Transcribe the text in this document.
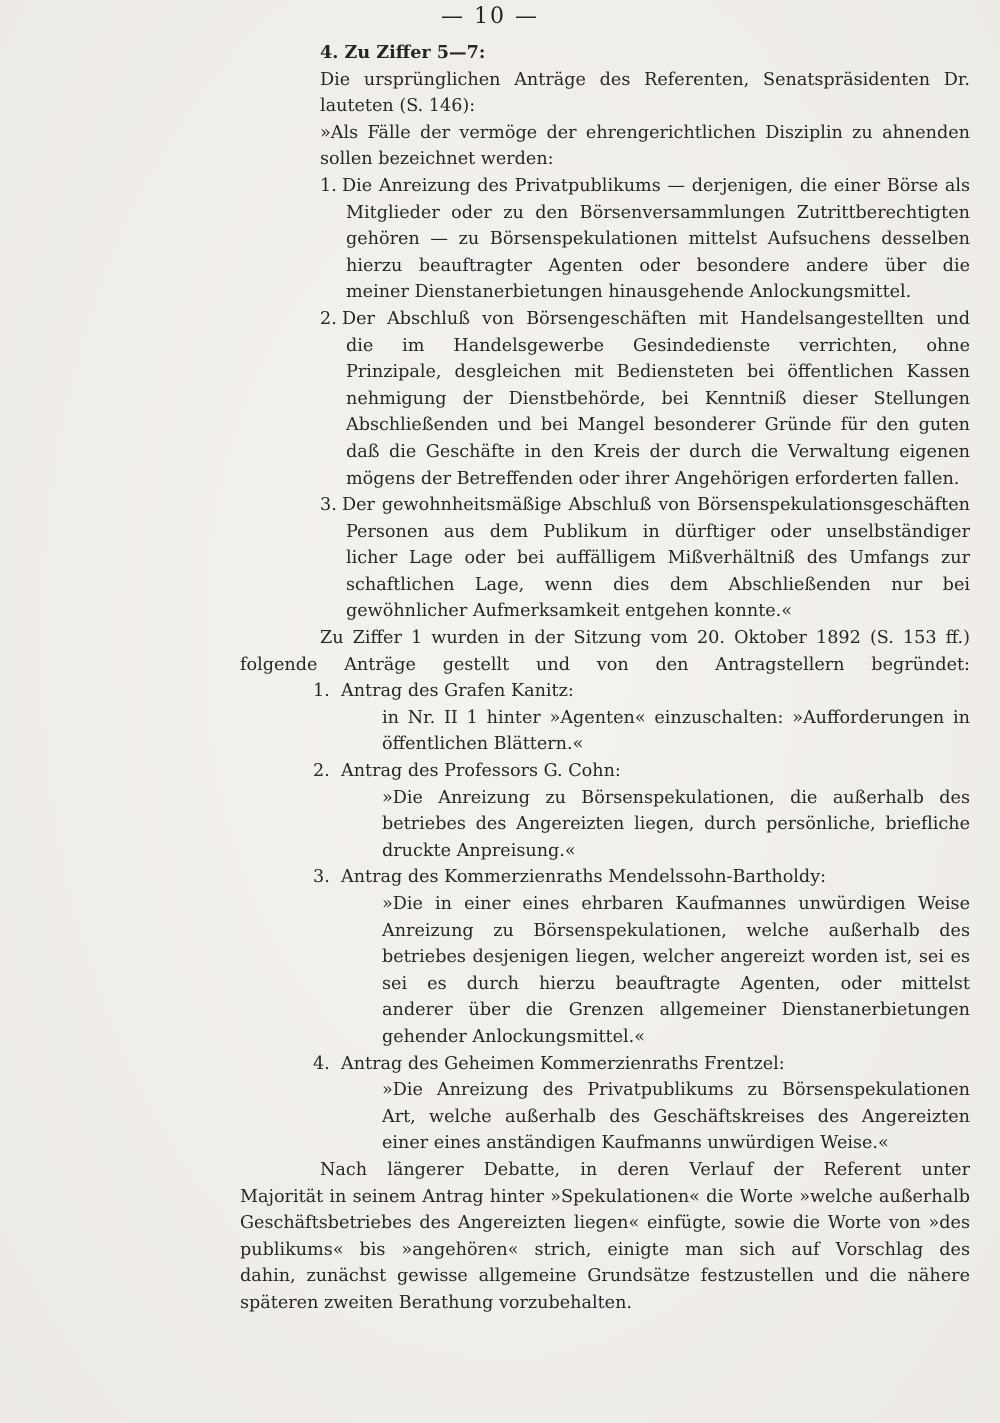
— 10 —
4. Zu Ziffer 5—7:
Die ursprünglichen Anträge des Referenten, Senatspräsidenten Dr.
lauteten (S. 146):
»Als Fälle der vermöge der ehrengerichtlichen Disziplin zu ahnenden
sollen bezeichnet werden:
1. Die Anreizung des Privatpublikums — derjenigen, die einer Börse als
Mitglieder oder zu den Börsenversammlungen Zutrittberechtigten
gehören — zu Börsenspekulationen mittelst Aufsuchens desselben
hierzu beauftragter Agenten oder besondere andere über die
meiner Dienstanerbietungen hinausgehende Anlockungsmittel.
2. Der Abschluß von Börsengeschäften mit Handelsangestellten und
die im Handelsgewerbe Gesindedienste verrichten, ohne
Prinzipale, desgleichen mit Bediensteten bei öffentlichen Kassen
nehmigung der Dienstbehörde, bei Kenntniß dieser Stellungen
Abschließenden und bei Mangel besonderer Gründe für den guten
daß die Geschäfte in den Kreis der durch die Verwaltung eigenen
mögens der Betreffenden oder ihrer Angehörigen erforderten fallen.
3. Der gewohnheitsmäßige Abschluß von Börsenspekulationsgeschäften
Personen aus dem Publikum in dürftiger oder unselbständiger
licher Lage oder bei auffälligem Mißverhältniß des Umfangs zur
schaftlichen Lage, wenn dies dem Abschließenden nur bei
gewöhnlicher Aufmerksamkeit entgehen konnte.«
Zu Ziffer 1 wurden in der Sitzung vom 20. Oktober 1892 (S. 153 ff.)
folgende Anträge gestellt und von den Antragstellern begründet:
1. Antrag des Grafen Kanitz:
in Nr. II 1 hinter »Agenten« einzuschalten: »Aufforderungen in
öffentlichen Blättern.«
2. Antrag des Professors G. Cohn:
»Die Anreizung zu Börsenspekulationen, die außerhalb des
betriebes des Angereizten liegen, durch persönliche, briefliche
druckte Anpreisung.«
3. Antrag des Kommerzienraths Mendelssohn-Bartholdy:
»Die in einer eines ehrbaren Kaufmannes unwürdigen Weise
Anreizung zu Börsenspekulationen, welche außerhalb des
betriebes desjenigen liegen, welcher angereizt worden ist, sei es
sei es durch hierzu beauftragte Agenten, oder mittelst
anderer über die Grenzen allgemeiner Dienstanerbietungen
gehender Anlockungsmittel.«
4. Antrag des Geheimen Kommerzienraths Frentzel:
»Die Anreizung des Privatpublikums zu Börsenspekulationen
Art, welche außerhalb des Geschäftskreises des Angereizten
einer eines anständigen Kaufmanns unwürdigen Weise.«
Nach längerer Debatte, in deren Verlauf der Referent unter
Majorität in seinem Antrag hinter »Spekulationen« die Worte »welche außerhalb
Geschäftsbetriebes des Angereizten liegen« einfügte, sowie die Worte von »des
publikums« bis »angehören« strich, einigte man sich auf Vorschlag des
dahin, zunächst gewisse allgemeine Grundsätze festzustellen und die nähere
späteren zweiten Berathung vorzubehalten.
